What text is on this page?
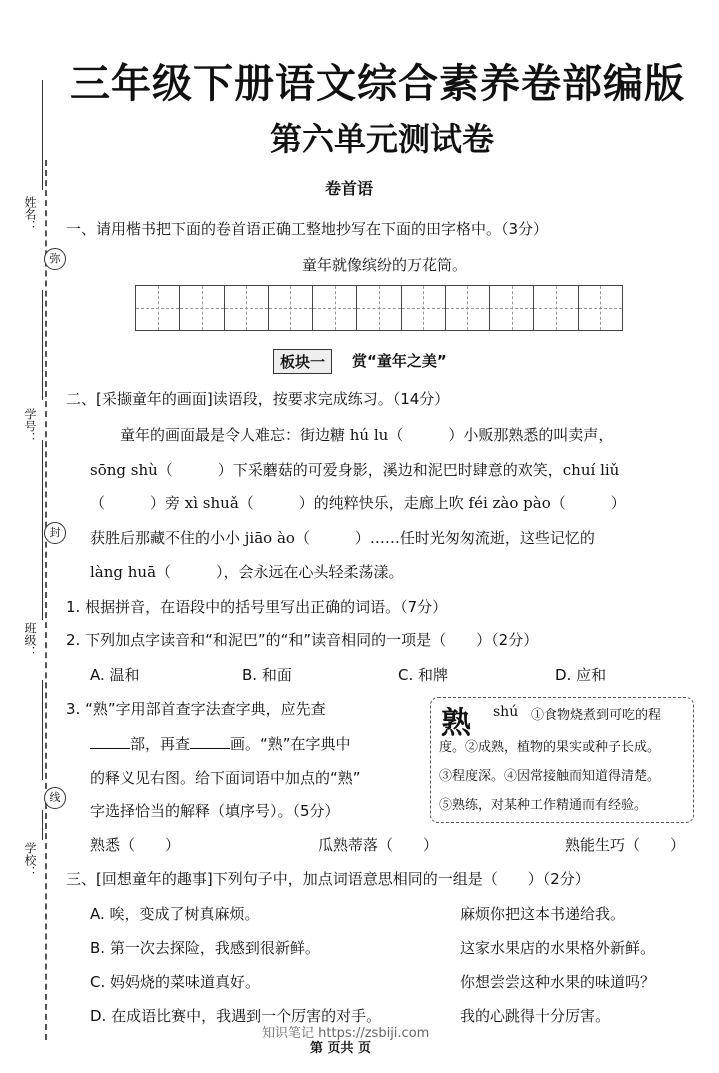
姓名：
弥
学号：
封
班级：
线
学校：
三年级下册语文综合素养卷部编版
第六单元测试卷
卷首语
一、请用楷书把下面的卷首语正确工整地抄写在下面的田字格中。（3分）
童年就像缤纷的万花筒。
板块一	赏“童年之美”
二、[采撷童年的画面]读语段，按要求完成练习。（14分）
童年的画面最是令人难忘：街边糖 hú lu（　　　）小贩那熟悉的叫卖声，
sōng shù（　　　）下采蘑菇的可爱身影，溪边和泥巴时肆意的欢笑，chuí liǔ
（　　　）旁 xì shuǎ（　　　）的纯粹快乐，走廊上吹 féi zào pào（　　　）
获胜后那藏不住的小小 jiāo ào（　　　）……任时光匆匆流逝，这些记忆的
làng huā（　　　），会永远在心头轻柔荡漾。
1. 根据拼音，在语段中的括号里写出正确的词语。（7分）
2. 下列加点字读音和“和泥巴”的“和”读音相同的一项是（　　）（2分）
A. 温和	B. 和面	C. 和牌	D. 应和
3. “熟”字用部首查字法查字典，应先查
部，再查	画。“熟”在字典中
的释义见右图。给下面词语中加点的“熟”
字选择恰当的解释（填序号）。（5分）
熟悉（　　）	瓜熟蒂落（　　）	熟能生巧（　　）
熟 shú ①食物烧煮到可吃的程
度。②成熟，植物的果实或种子长成。
③程度深。④因常接触而知道得清楚。
⑤熟练，对某种工作精通而有经验。
三、[回想童年的趣事]下列句子中，加点词语意思相同的一组是（　　）（2分）
A. 唉，变成了树真麻烦。	麻烦你把这本书递给我。
B. 第一次去探险，我感到很新鲜。	这家水果店的水果格外新鲜。
C. 妈妈烧的菜味道真好。	你想尝尝这种水果的味道吗？
D. 在成语比赛中，我遇到一个厉害的对手。	我的心跳得十分厉害。
知识笔记 https://zsbiji.com
第 页共 页
